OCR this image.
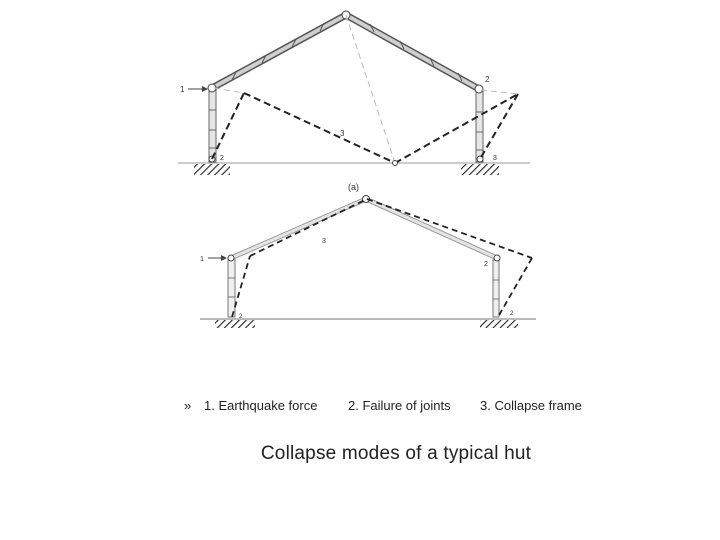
1
3
2
2	3
(a)
1
3
2
2	2
» 1. Earthquake force 2. Failure of joints 3. Collapse frame
Collapse modes of a typical hut
